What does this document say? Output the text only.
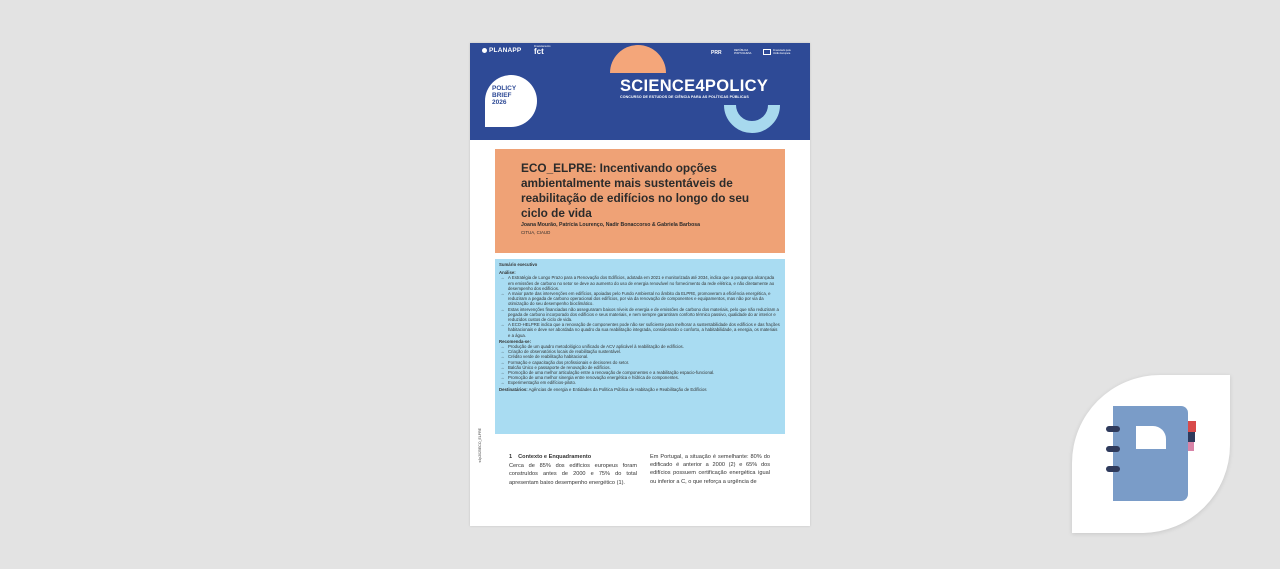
PLANAPP
Financiamento
fct	PRR	REPÚBLICA PORTUGUESA
Financiado pela União Europeia
SCIENCE4POLICY
CONCURSO DE ESTUDOS DE CIÊNCIA PARA AS POLÍTICAS PÚBLICAS
POLICY
BRIEF
2026
ECO_ELPRE: Incentivando opções ambientalmente mais sustentáveis de reabilitação de edifícios no longo do seu ciclo de vida
Joana Mourão, Patrícia Lourenço, Nadir Bonaccorso & Gabriela Barbosa
CITUA, CIAUD
Sumário executivo
Análise:
→ A Estratégia de Longo Prazo para a Renovação dos Edifícios, adotada em 2021 e monitorizada até 2034, indica que a poupança alcançada em emissões de carbono no setor se deve ao aumento do uso de energia renovável no fornecimento da rede elétrica, e não diretamente ao desempenho dos edifícios.
→ A maior parte das intervenções em edifícios, apoiadas pelo Fundo Ambiental no âmbito da ELPRE, promoveram a eficiência energética, e reduziram a pegada de carbono operacional dos edifícios, por via da renovação de componentes e equipamentos, mas não por via da otimização do seu desempenho bioclimático.
→ Estas intervenções financiadas não asseguraram baixos níveis de energia e de emissões de carbono dos materiais, pelo que não reduziram a pegada de carbono incorporado dos edifícios e seus materiais, e nem sempre garantiram conforto térmico passivo, qualidade do ar interior e reduzidos custos de ciclo de vida.
→ A ECO-HELPRE indica que a renovação de componentes pode não ser suficiente para melhorar a sustentabilidade dos edifícios e das frações habitacionais e deve ser abordada no quadro da sua reabilitação integrada, considerando o conforto, a habitabilidade, a energia, os materiais e a água.
Recomenda-se:
→ Produção de um quadro metodológico unificado de ACV aplicável à reabilitação de edifícios.
→ Criação de observatórios locais de reabilitação sustentável.
→ Crédito verde de reabilitação habitacional.
→ Formação e capacitação dos profissionais e decisores do setor.
→ Balcão Único e passaporte de renovação de edifícios.
→ Promoção de uma melhor articulação entre a renovação de componentes e a reabilitação espacio-funcional.
→ Promoção de uma melhor sinergia entre renovação energética e hídrica de componentes.
→ Experimentação em edifícios-piloto.
Destinatários: Agências de energia e Entidades da Política Pública de Habitação e Reabilitação de Edifícios
s4p2025ECO_ELPRE	1 Contexto e Enquadramento

Cerca de 85% dos edifícios europeus foram construídos antes de 2000 e 75% do total apresentam baixo desempenho energético (1).

Em Portugal, a situação é semelhante: 80% do edificado é anterior a 2000 (2) e 65% dos edifícios possuem certificação energética igual ou inferior a C, o que reforça a urgência de
